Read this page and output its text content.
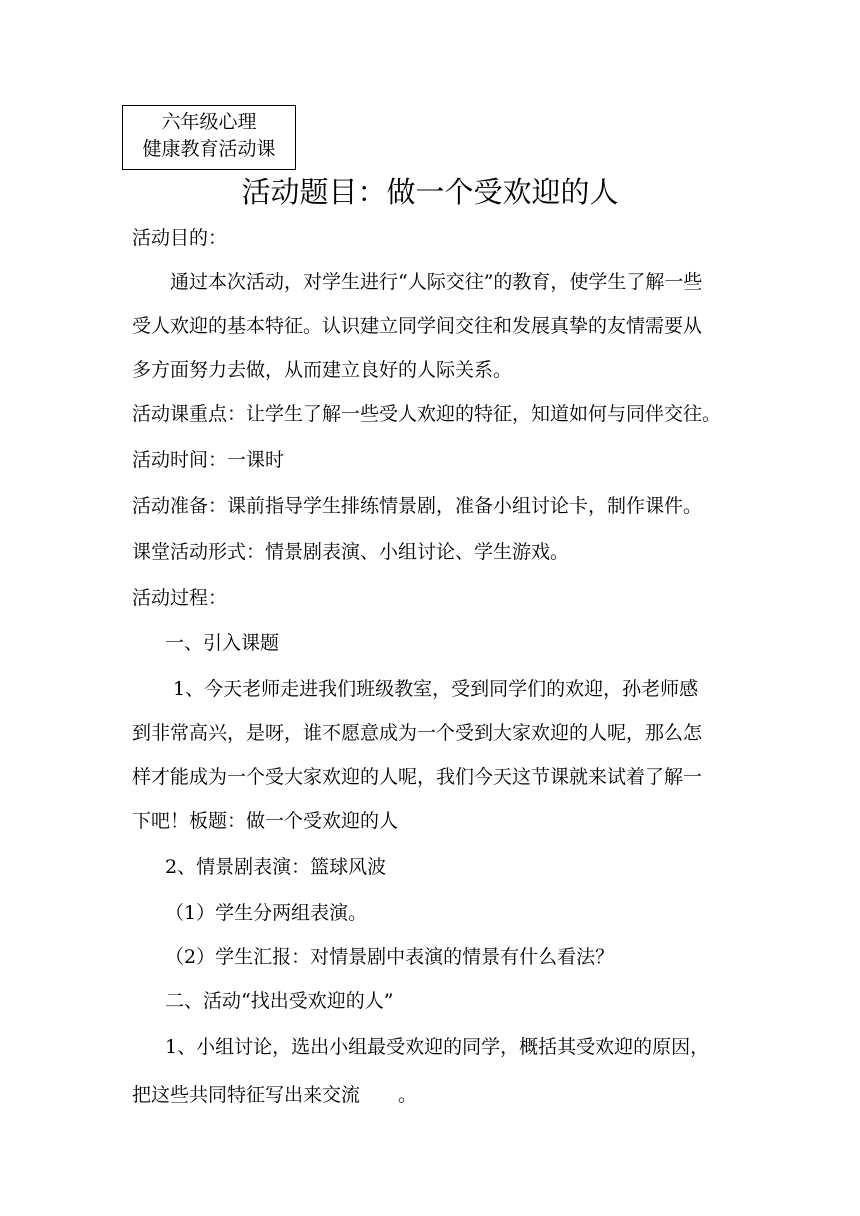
六年级心理
健康教育活动课
活动题目：做一个受欢迎的人
活动目的：
通过本次活动，对学生进行“人际交往”的教育，使学生了解一些
受人欢迎的基本特征。认识建立同学间交往和发展真挚的友情需要从
多方面努力去做，从而建立良好的人际关系。
活动课重点：让学生了解一些受人欢迎的特征，知道如何与同伴交往。
活动时间：一课时
活动准备：课前指导学生排练情景剧，准备小组讨论卡，制作课件。
课堂活动形式：情景剧表演、小组讨论、学生游戏。
活动过程：
一、引入课题
1、今天老师走进我们班级教室，受到同学们的欢迎，孙老师感
到非常高兴，是呀，谁不愿意成为一个受到大家欢迎的人呢，那么怎
样才能成为一个受大家欢迎的人呢，我们今天这节课就来试着了解一
下吧！板题：做一个受欢迎的人
2、情景剧表演：篮球风波
（1）学生分两组表演。
（2）学生汇报：对情景剧中表演的情景有什么看法？
二、活动“找出受欢迎的人”
1、小组讨论，选出小组最受欢迎的同学，概括其受欢迎的原因，
把这些共同特征写出来交流　　。
